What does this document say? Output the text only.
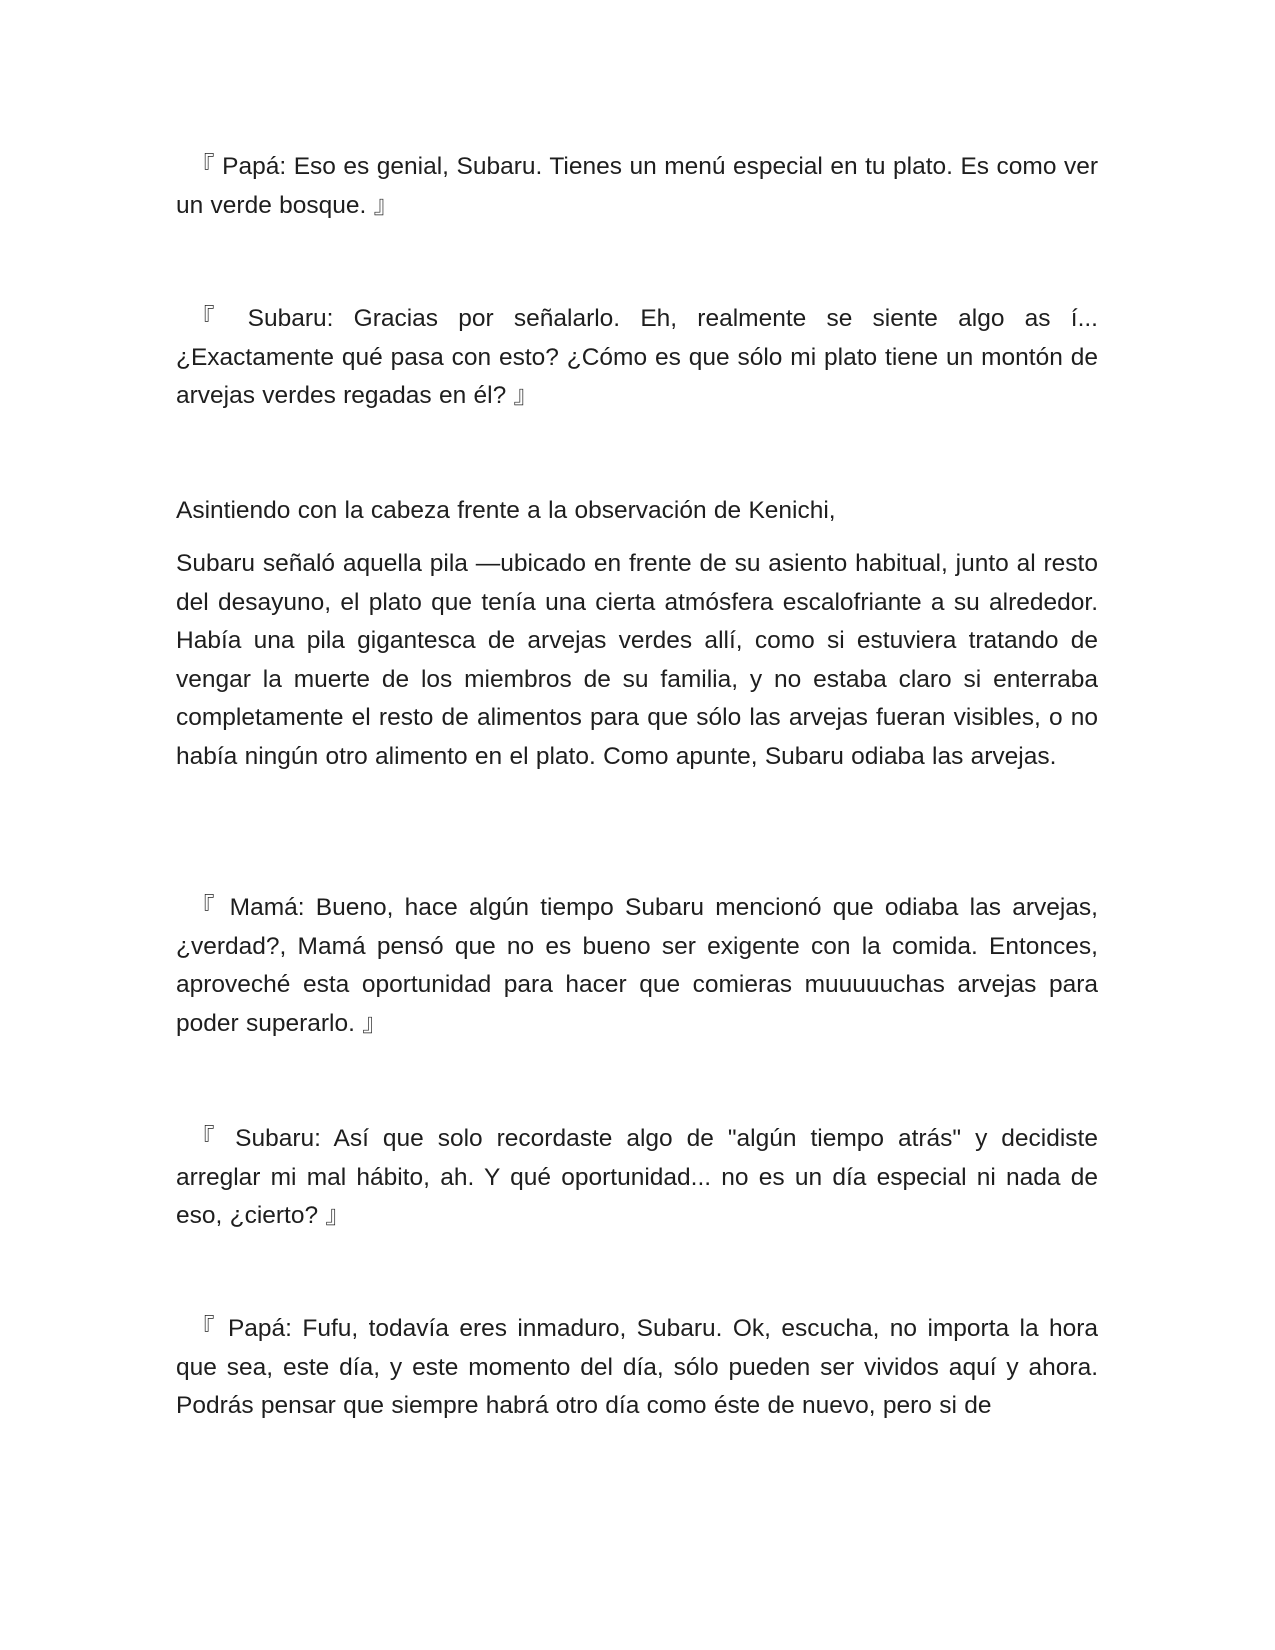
『 Papá: Eso es genial, Subaru. Tienes un menú especial en tu plato. Es como ver un verde bosque. 』

『 Subaru: Gracias por señalarlo. Eh, realmente se siente algo as í... ¿Exactamente qué pasa con esto? ¿Cómo es que sólo mi plato tiene un montón de arvejas verdes regadas en él? 』

Asintiendo con la cabeza frente a la observación de Kenichi,

Subaru señaló aquella pila —ubicado en frente de su asiento habitual, junto al resto del desayuno, el plato que tenía una cierta atmósfera escalofriante a su alrededor. Había una pila gigantesca de arvejas verdes allí, como si estuviera tratando de vengar la muerte de los miembros de su familia, y no estaba claro si enterraba completamente el resto de alimentos para que sólo las arvejas fueran visibles, o no había ningún otro alimento en el plato. Como apunte, Subaru odiaba las arvejas.

『 Mamá: Bueno, hace algún tiempo Subaru mencionó que odiaba las arvejas, ¿verdad?, Mamá pensó que no es bueno ser exigente con la comida. Entonces, aproveché esta oportunidad para hacer que comieras muuuuuchas arvejas para poder superarlo. 』

『 Subaru: Así que solo recordaste algo de "algún tiempo atrás" y decidiste arreglar mi mal hábito, ah. Y qué oportunidad... no es un día especial ni nada de eso, ¿cierto? 』

『 Papá: Fufu, todavía eres inmaduro, Subaru. Ok, escucha, no importa la hora que sea, este día, y este momento del día, sólo pueden ser vividos aquí y ahora. Podrás pensar que siempre habrá otro día como éste de nuevo, pero si de
